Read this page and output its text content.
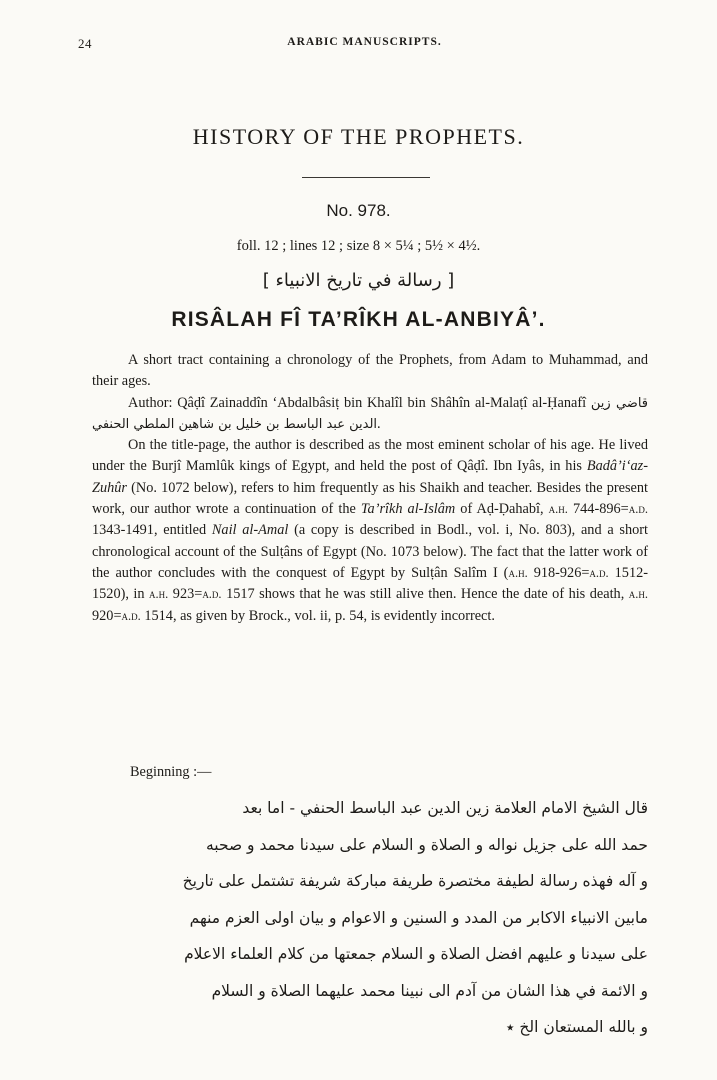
24	ARABIC MANUSCRIPTS.
HISTORY OF THE PROPHETS.
No. 978.
foll. 12 ; lines 12 ; size 8 × 5¼ ; 5½ × 4½.
[ رسالة في تاريخ الانبياء ]
RISÂLAH FÎ TA’RÎKH AL-ANBIYÂ’.

A short tract containing a chronology of the Prophets, from Adam to Muhammad, and their ages.

Author: Qâḍî Zainaddîn ‘Abdalbâsiṭ bin Khalîl bin Shâhîn al-Malaṭî al-Ḥanafî قاضي زين الدين عبد الباسط بن خليل بن شاهين الملطي الحنفي.

On the title-page, the author is described as the most eminent scholar of his age. He lived under the Burjî Mamlûk kings of Egypt, and held the post of Qâḍî. Ibn Iyâs, in his Badâ’i‘az-Zuhûr (No. 1072 below), refers to him frequently as his Shaikh and teacher. Besides the present work, our author wrote a continuation of the Ta’rîkh al-Islâm of Aḍ-Ḍahabî, a.h. 744-896=a.d. 1343-1491, entitled Nail al-Amal (a copy is described in Bodl., vol. i, No. 803), and a short chronological account of the Sulṭâns of Egypt (No. 1073 below). The fact that the latter work of the author concludes with the conquest of Egypt by Sulṭân Salîm I (a.h. 918-926=a.d. 1512-1520), in a.h. 923=a.d. 1517 shows that he was still alive then. Hence the date of his death, a.h. 920=a.d. 1514, as given by Brock., vol. ii, p. 54, is evidently incorrect.

Beginning :—
قال الشيخ الامام العلامة زين الدين عبد الباسط الحنفي - اما بعد
حمد الله على جزيل نواله و الصلاة و السلام على سيدنا محمد و صحبه
و آله فهذه رسالة لطيفة مختصرة طريفة مباركة شريفة تشتمل على تاريخ
مابين الانبياء الاكابر من المدد و السنين و الاعوام و بيان اولى العزم منهم
على سيدنا و عليهم افضل الصلاة و السلام جمعتها من كلام العلماء الاعلام
و الائمة في هذا الشان من آدم الى نبينا محمد عليهما الصلاة و السلام
و بالله المستعان الخ ٭
